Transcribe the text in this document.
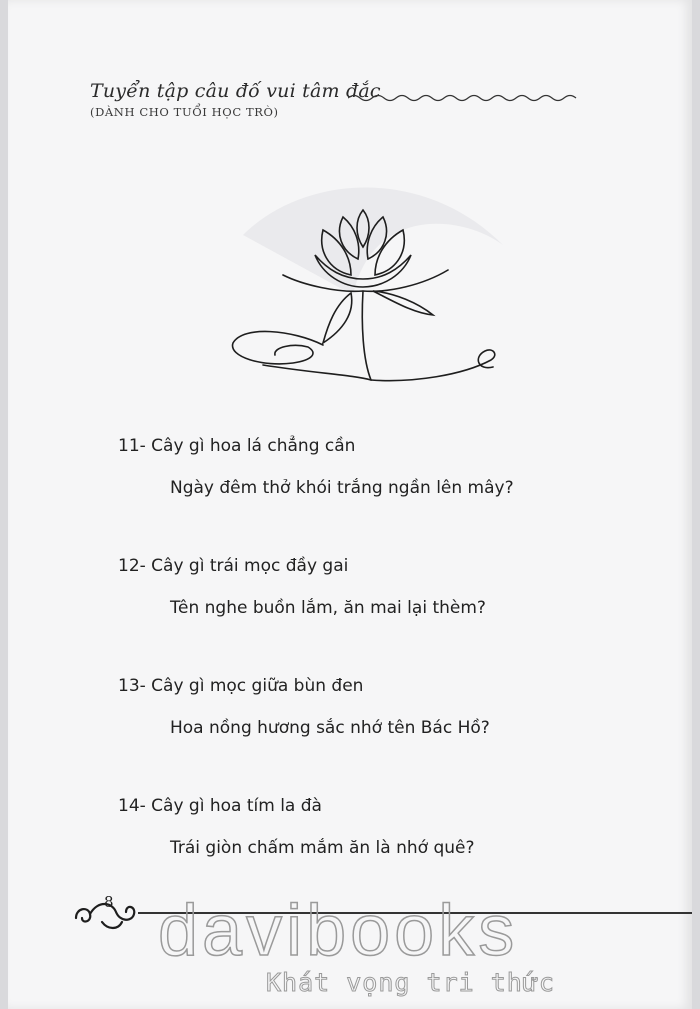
Tuyển tập câu đố vui tâm đắc
(DÀNH CHO TUỔI HỌC TRÒ)
11- Cây gì hoa lá chẳng cần
Ngày đêm thở khói trắng ngần lên mây?
12- Cây gì trái mọc đầy gai
Tên nghe buồn lắm, ăn mai lại thèm?
13- Cây gì mọc giữa bùn đen
Hoa nồng hương sắc nhớ tên Bác Hồ?
14- Cây gì hoa tím la đà
Trái giòn chấm mắm ăn là nhớ quê?
8 davibooks
Khát vọng tri thức
